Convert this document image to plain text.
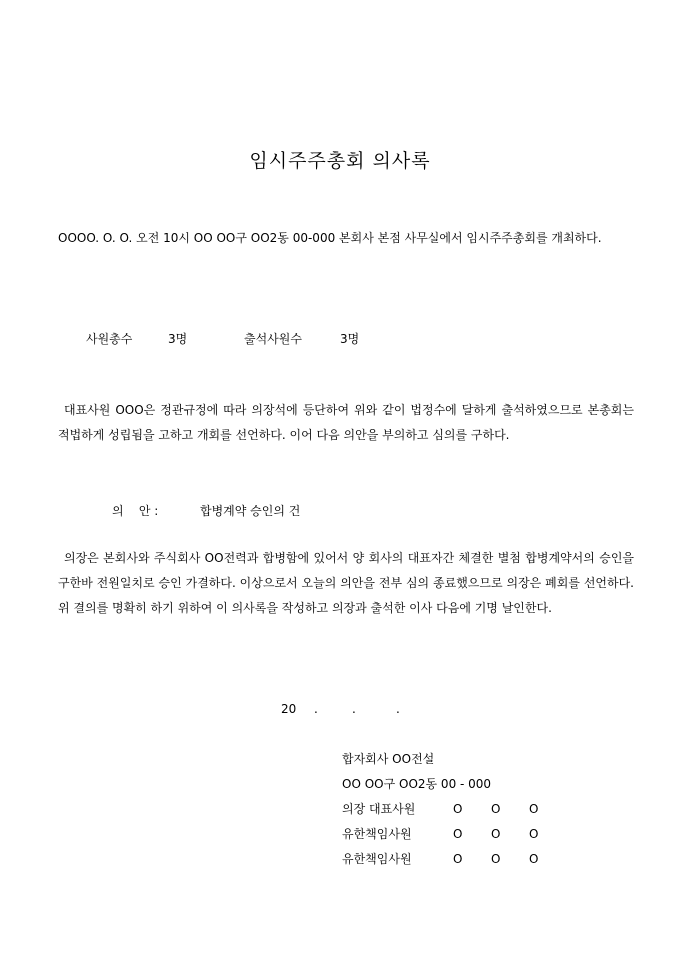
임시주주총회 의사록
OOOO. O. O. 오전 10시 OO OO구 OO2동 00-000 본회사 본점 사무실에서 임시주주총회를 개최하다.
사원총수	3명	출석사원수	3명
대표사원 OOO은 정관규정에 따라 의장석에 등단하여 위와 같이 법정수에 달하게 출석하였으므로 본총회는 적법하게 성립됨을 고하고 개회를 선언하다. 이어 다음 의안을 부의하고 심의를 구하다.
의    안 :	합병계약 승인의 건
의장은 본회사와 주식회사 OO전력과 합병함에 있어서 양 회사의 대표자간 체결한 별첨 합병계약서의 승인을 구한바 전원일치로 승인 가결하다. 이상으로서 오늘의 의안을 전부 심의 종료했으므로 의장은 폐회를 선언하다. 위 결의를 명확히 하기 위하여 이 의사록을 작성하고 의장과 출석한 이사 다음에 기명 날인한다.
20 .	.	.
합자회사 OO전설
OO OO구 OO2동 00 - 000
의장 대표사원	O O O
유한책임사원	O O O
유한책임사원	O O O
